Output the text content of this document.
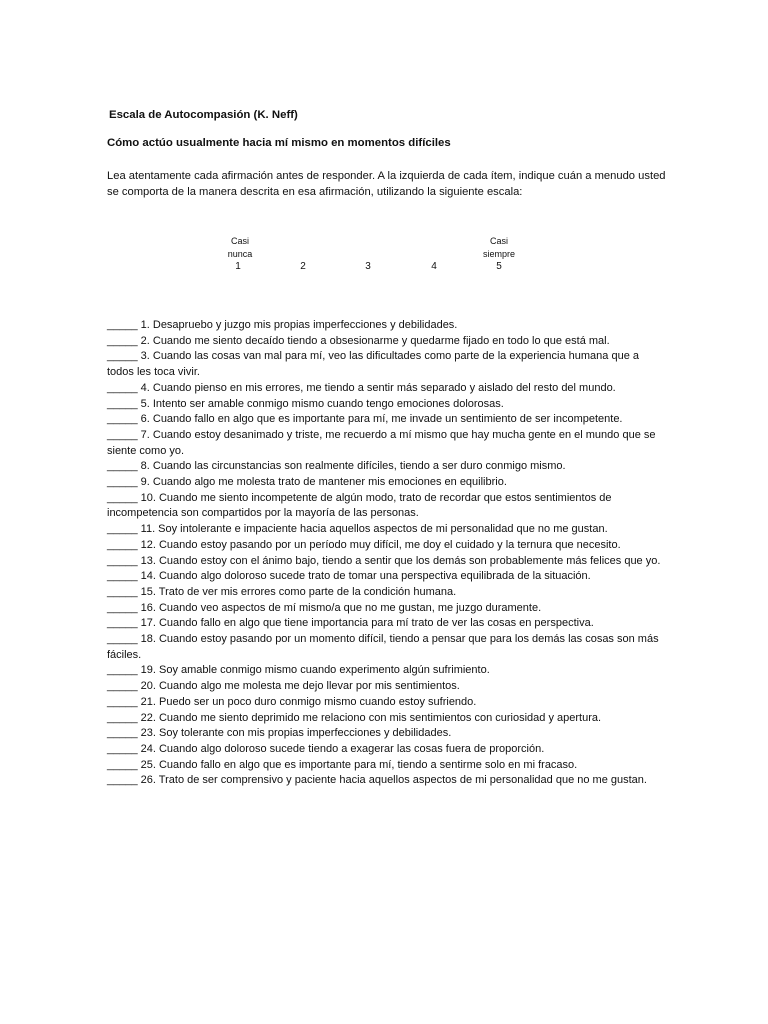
Escala de Autocompasión (K. Neff)
Cómo actúo usualmente hacia mí mismo en momentos difíciles
Lea atentamente cada afirmación antes de responder. A la izquierda de cada ítem, indique cuán a menudo usted se comporta de la manera descrita en esa afirmación, utilizando la siguiente escala:
Casi
nunca
Casi
siempre
1	2	3	4	5

_____ 1. Desapruebo y juzgo mis propias imperfecciones y debilidades.

_____ 2. Cuando me siento decaído tiendo a obsesionarme y quedarme fijado en todo lo que está mal.

_____ 3. Cuando las cosas van mal para mí, veo las dificultades como parte de la experiencia humana que a todos les toca vivir.

_____ 4. Cuando pienso en mis errores, me tiendo a sentir más separado y aislado del resto del mundo.

_____ 5. Intento ser amable conmigo mismo cuando tengo emociones dolorosas.

_____ 6. Cuando fallo en algo que es importante para mí, me invade un sentimiento de ser incompetente.

_____ 7. Cuando estoy desanimado y triste, me recuerdo a mí mismo que hay mucha gente en el mundo que se siente como yo.

_____ 8. Cuando las circunstancias son realmente difíciles, tiendo a ser duro conmigo mismo.

_____ 9. Cuando algo me molesta trato de mantener mis emociones en equilibrio.

_____ 10. Cuando me siento incompetente de algún modo, trato de recordar que estos sentimientos de incompetencia son compartidos por la mayoría de las personas.

_____ 11. Soy intolerante e impaciente hacia aquellos aspectos de mi personalidad que no me gustan.

_____ 12. Cuando estoy pasando por un período muy difícil, me doy el cuidado y la ternura que necesito.

_____ 13. Cuando estoy con el ánimo bajo, tiendo a sentir que los demás son probablemente más felices que yo.

_____ 14. Cuando algo doloroso sucede trato de tomar una perspectiva equilibrada de la situación.

_____ 15. Trato de ver mis errores como parte de la condición humana.

_____ 16. Cuando veo aspectos de mí mismo/a que no me gustan, me juzgo duramente.

_____ 17. Cuando fallo en algo que tiene importancia para mí trato de ver las cosas en perspectiva.

_____ 18. Cuando estoy pasando por un momento difícil, tiendo a pensar que para los demás las cosas son más fáciles.

_____ 19. Soy amable conmigo mismo cuando experimento algún sufrimiento.

_____ 20. Cuando algo me molesta me dejo llevar por mis sentimientos.

_____ 21. Puedo ser un poco duro conmigo mismo cuando estoy sufriendo.

_____ 22. Cuando me siento deprimido me relaciono con mis sentimientos con curiosidad y apertura.

_____ 23. Soy tolerante con mis propias imperfecciones y debilidades.

_____ 24. Cuando algo doloroso sucede tiendo a exagerar las cosas fuera de proporción.

_____ 25. Cuando fallo en algo que es importante para mí, tiendo a sentirme solo en mi fracaso.

_____ 26. Trato de ser comprensivo y paciente hacia aquellos aspectos de mi personalidad que no me gustan.
